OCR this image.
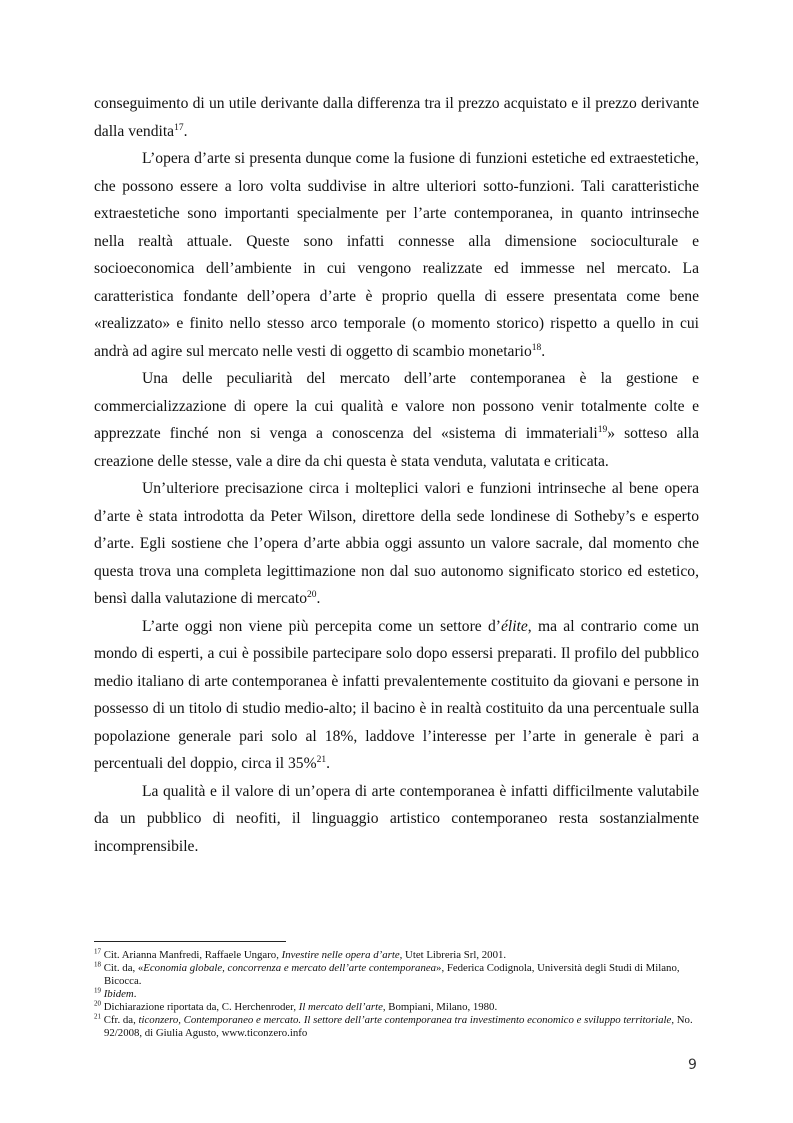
conseguimento di un utile derivante dalla differenza tra il prezzo acquistato e il prezzo derivante dalla vendita$^{17}$.

L’opera d’arte si presenta dunque come la fusione di funzioni estetiche ed extraestetiche, che possono essere a loro volta suddivise in altre ulteriori sotto-funzioni. Tali caratteristiche extraestetiche sono importanti specialmente per l’arte contemporanea, in quanto intrinseche nella realtà attuale. Queste sono infatti connesse alla dimensione socioculturale e socioeconomica dell’ambiente in cui vengono realizzate ed immesse nel mercato. La caratteristica fondante dell’opera d’arte è proprio quella di essere presentata come bene «realizzato» e finito nello stesso arco temporale (o momento storico) rispetto a quello in cui andrà ad agire sul mercato nelle vesti di oggetto di scambio monetario$^{18}$.

Una delle peculiarità del mercato dell’arte contemporanea è la gestione e commercializzazione di opere la cui qualità e valore non possono venir totalmente colte e apprezzate finché non si venga a conoscenza del «sistema di immateriali$^{19}$» sotteso alla creazione delle stesse, vale a dire da chi questa è stata venduta, valutata e criticata.

Un’ulteriore precisazione circa i molteplici valori e funzioni intrinseche al bene opera d’arte è stata introdotta da Peter Wilson, direttore della sede londinese di Sotheby’s e esperto d’arte. Egli sostiene che l’opera d’arte abbia oggi assunto un valore sacrale, dal momento che questa trova una completa legittimazione non dal suo autonomo significato storico ed estetico, bensì dalla valutazione di mercato$^{20}$.

L’arte oggi non viene più percepita come un settore d’élite, ma al contrario come un mondo di esperti, a cui è possibile partecipare solo dopo essersi preparati. Il profilo del pubblico medio italiano di arte contemporanea è infatti prevalentemente costituito da giovani e persone in possesso di un titolo di studio medio-alto; il bacino è in realtà costituito da una percentuale sulla popolazione generale pari solo al 18%, laddove l’interesse per l’arte in generale è pari a percentuali del doppio, circa il 35%$^{21}$.

La qualità e il valore di un’opera di arte contemporanea è infatti difficilmente valutabile da un pubblico di neofiti, il linguaggio artistico contemporaneo resta sostanzialmente incomprensibile.

$^{17}$ Cit. Arianna Manfredi, Raffaele Ungaro, Investire nelle opera d’arte, Utet Libreria Srl, 2001.

$^{18}$ Cit. da, «Economia globale, concorrenza e mercato dell’arte contemporanea», Federica Codignola, Università degli Studi di Milano, Bicocca.

$^{19}$ Ibidem.

$^{20}$ Dichiarazione riportata da, C. Herchenroder, Il mercato dell’arte, Bompiani, Milano, 1980.

$^{21}$ Cfr. da, ticonzero, Contemporaneo e mercato. Il settore dell’arte contemporanea tra investimento economico e sviluppo territoriale, No. 92/2008, di Giulia Agusto, www.ticonzero.info

9
